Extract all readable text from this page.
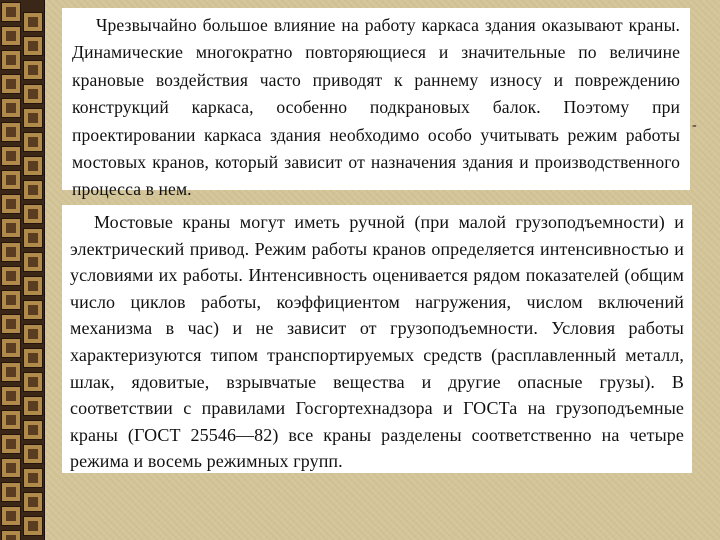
Чрезвычайно большое влияние на работу каркаса здания оказывают краны. Динамические многократно повторяющиеся и значительные по величине крановые воздействия часто приводят к раннему износу и повреждению конструкций каркаса, особенно подкрановых балок. Поэтому при проектировании каркаса здания необходимо особо учитывать режим работы мостовых кранов, который зависит от назначения здания и производственного процесса в нем.

-

Мостовые краны могут иметь ручной (при малой грузоподъемности) и электрический привод. Режим работы кранов определяется интенсивностью и условиями их работы. Интенсивность оценивается рядом показателей (общим число циклов работы, коэффициентом нагружения, числом включений механизма в час) и не зависит от грузоподъемности. Условия работы характеризуются типом транспортируемых средств (расплавленный металл, шлак, ядовитые, взрывчатые вещества и другие опасные грузы). В соответствии с правилами Госгортехнадзора и ГОСТа на грузоподъемные краны (ГОСТ 25546—82) все краны разделены соответственно на четыре режима и восемь режимных групп.
